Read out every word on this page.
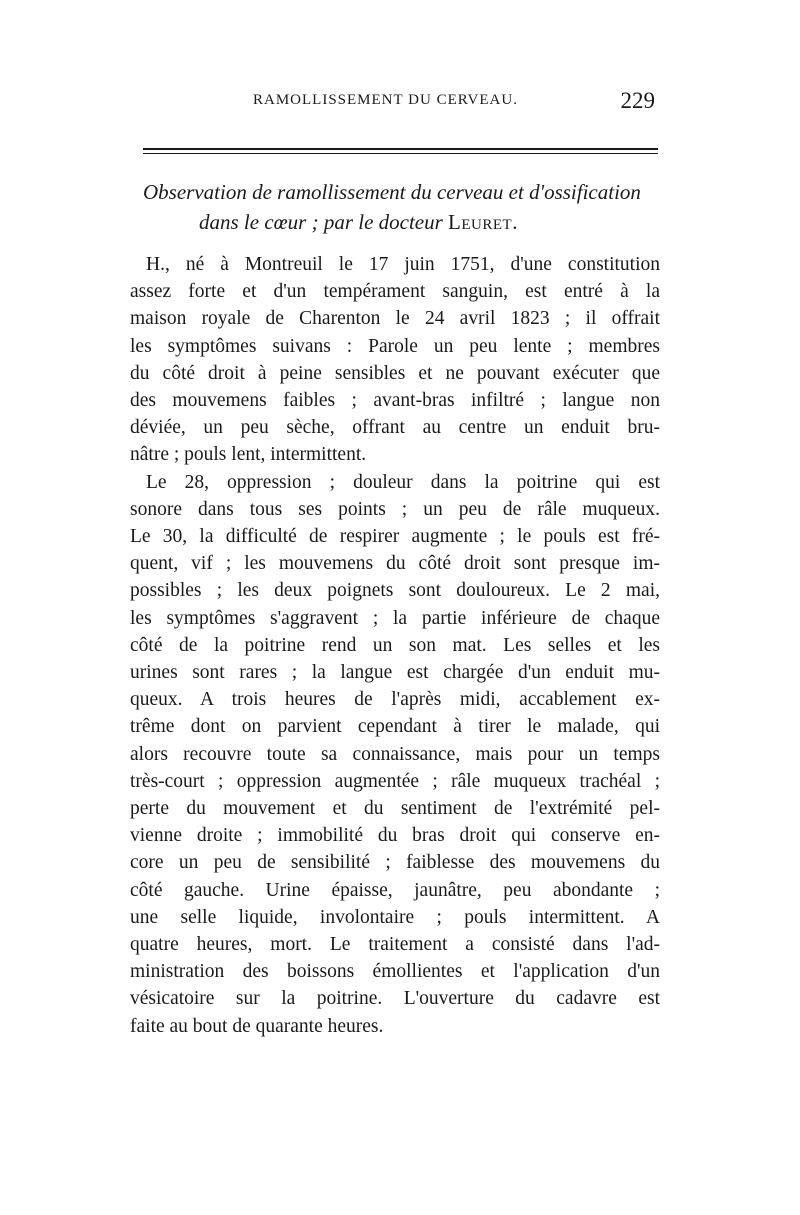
RAMOLLISSEMENT DU CERVEAU.	229
Observation de ramollissement du cerveau et d'ossification
dans le cœur ; par le docteur Leuret.
H., né à Montreuil le 17 juin 1751, d'une constitution
assez forte et d'un tempérament sanguin, est entré à la
maison royale de Charenton le 24 avril 1823 ; il offrait
les symptômes suivans : Parole un peu lente ; membres
du côté droit à peine sensibles et ne pouvant exécuter que
des mouvemens faibles ; avant-bras infiltré ; langue non
déviée, un peu sèche, offrant au centre un enduit bru-
nâtre ; pouls lent, intermittent.
Le 28, oppression ; douleur dans la poitrine qui est
sonore dans tous ses points ; un peu de râle muqueux.
Le 30, la difficulté de respirer augmente ; le pouls est fré-
quent, vif ; les mouvemens du côté droit sont presque im-
possibles ; les deux poignets sont douloureux. Le 2 mai,
les symptômes s'aggravent ; la partie inférieure de chaque
côté de la poitrine rend un son mat. Les selles et les
urines sont rares ; la langue est chargée d'un enduit mu-
queux. A trois heures de l'après midi, accablement ex-
trême dont on parvient cependant à tirer le malade, qui
alors recouvre toute sa connaissance, mais pour un temps
très-court ; oppression augmentée ; râle muqueux trachéal ;
perte du mouvement et du sentiment de l'extrémité pel-
vienne droite ; immobilité du bras droit qui conserve en-
core un peu de sensibilité ; faiblesse des mouvemens du
côté gauche. Urine épaisse, jaunâtre, peu abondante ;
une selle liquide, involontaire ; pouls intermittent. A
quatre heures, mort. Le traitement a consisté dans l'ad-
ministration des boissons émollientes et l'application d'un
vésicatoire sur la poitrine. L'ouverture du cadavre est
faite au bout de quarante heures.
